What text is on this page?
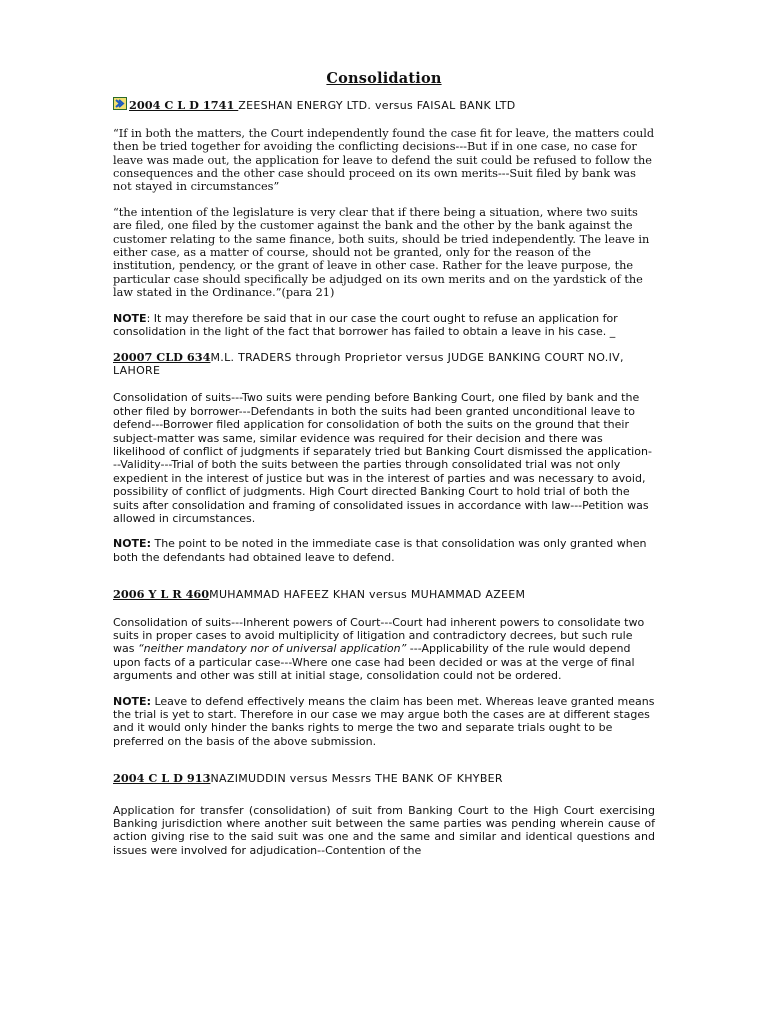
Consolidation

2004 C L D 1741 ZEESHAN ENERGY LTD. versus FAISAL BANK LTD

“If in both the matters, the Court independently found the case fit for leave, the matters could then be tried together for avoiding the conflicting decisions---But if in one case, no case for leave was made out, the application for leave to defend the suit could be refused to follow the consequences and the other case should proceed on its own merits---Suit filed by bank was not stayed in circumstances”

“the intention of the legislature is very clear that if there being a situation, where two suits are filed, one filed by the customer against the bank and the other by the bank against the customer relating to the same finance, both suits, should be tried independently. The leave in either case, as a matter of course, should not be granted, only for the reason of the institution, pendency, or the grant of leave in other case. Rather for the leave purpose, the particular case should specifically be adjudged on its own merits and on the yardstick of the law stated in the Ordinance.”(para 21)

NOTE: It may therefore be said that in our case the court ought to refuse an application for consolidation in the light of the fact that borrower has failed to obtain a leave in his case. _

20007 CLD 634M.L. TRADERS through Proprietor versus JUDGE BANKING COURT NO.IV, LAHORE

Consolidation of suits---Two suits were pending before Banking Court, one filed by bank and the other filed by borrower---Defendants in both the suits had been granted unconditional leave to defend---Borrower filed application for consolidation of both the suits on the ground that their subject-matter was same, similar evidence was required for their decision and there was likelihood of conflict of judgments if separately tried but Banking Court dismissed the application---Validity---Trial of both the suits between the parties through consolidated trial was not only expedient in the interest of justice but was in the interest of parties and was necessary to avoid, possibility of conflict of judgments. High Court directed Banking Court to hold trial of both the suits after consolidation and framing of consolidated issues in accordance with law---Petition was allowed in circumstances.

NOTE: The point to be noted in the immediate case is that consolidation was only granted when both the defendants had obtained leave to defend.

2006 Y L R 460MUHAMMAD HAFEEZ KHAN versus MUHAMMAD AZEEM

Consolidation of suits---Inherent powers of Court---Court had inherent powers to consolidate two suits in proper cases to avoid multiplicity of litigation and contradictory decrees, but such rule was “neither mandatory nor of universal application” ---Applicability of the rule would depend upon facts of a particular case---Where one case had been decided or was at the verge of final arguments and other was still at initial stage, consolidation could not be ordered.

NOTE: Leave to defend effectively means the claim has been met. Whereas leave granted means the trial is yet to start. Therefore in our case we may argue both the cases are at different stages and it would only hinder the banks rights to merge the two and separate trials ought to be preferred on the basis of the above submission.

2004 C L D 913NAZIMUDDIN versus Messrs THE BANK OF KHYBER

Application for transfer (consolidation) of suit from Banking Court to the High Court exercising Banking jurisdiction where another suit between the same parties was pending wherein cause of action giving rise to the said suit was one and the same and similar and identical questions and issues were involved for adjudication--Contention of the
